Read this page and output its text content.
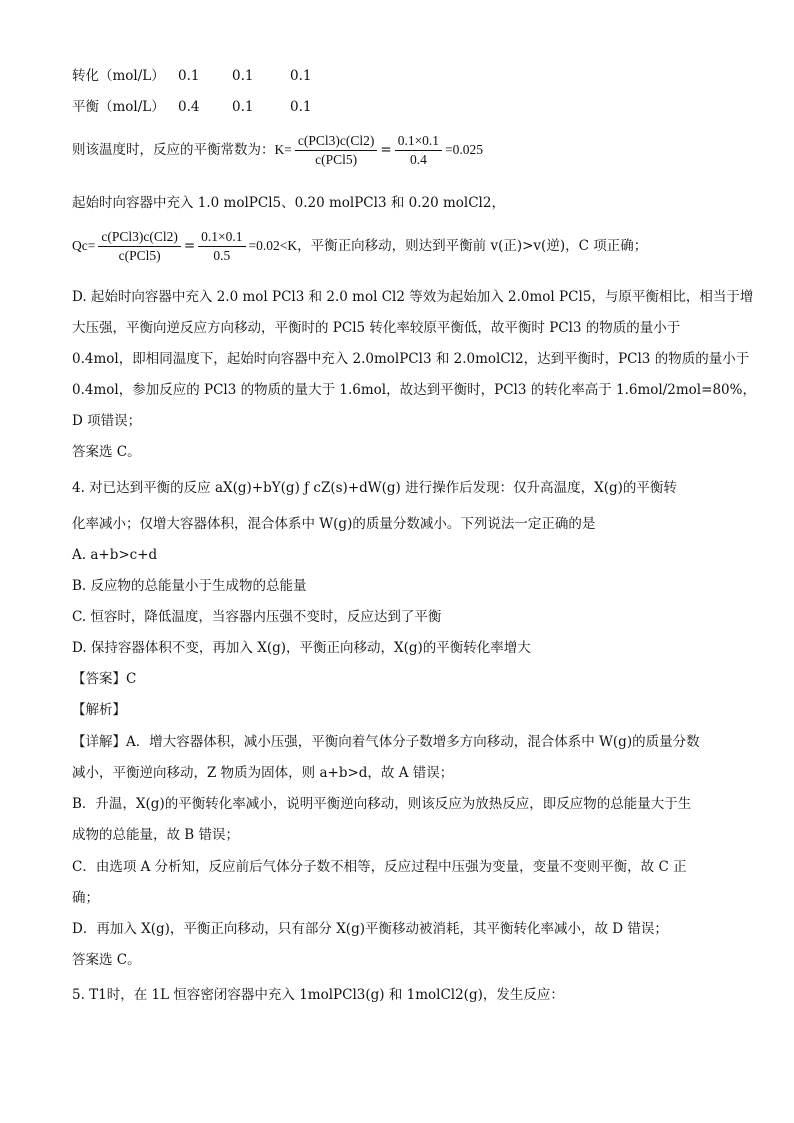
转化（mol/L） 0.1 0.1	0.1
平衡（mol/L） 0.4 0.1	0.1
则该温度时，反应的平衡常数为：$K= \frac{\text{c(PCl3)c(Cl2)}}{\text{c(PCl5)}} = \frac{0.1\times 0.1}{0.4} =0.025$
起始时向容器中充入 1.0 molPCl5、0.20 molPCl3 和 0.20 molCl2，
$Qc= \frac{\text{c(PCl3)c(Cl2)}}{\text{c(PCl5)}} = \frac{0.1\times 0.1}{0.5} =0.02<K$，平衡正向移动，则达到平衡前 v(正)>v(逆)，C 项正确；
D. 起始时向容器中充入 2.0 mol PCl3 和 2.0 mol Cl2 等效为起始加入 2.0mol PCl5，与原平衡相比，相当于增
大压强，平衡向逆反应方向移动，平衡时的 PCl5 转化率较原平衡低，故平衡时 PCl3 的物质的量小于
0.4mol，即相同温度下，起始时向容器中充入 2.0molPCl3 和 2.0molCl2，达到平衡时，PCl3 的物质的量小于
0.4mol，参加反应的 PCl3 的物质的量大于 1.6mol，故达到平衡时，PCl3 的转化率高于 1.6mol/2mol=80%，
D 项错误；
答案选 C。
4. 对已达到平衡的反应 aX(g)+bY(g) ƒ cZ(s)+dW(g) 进行操作后发现：仅升高温度，X(g)的平衡转
化率减小；仅增大容器体积，混合体系中 W(g)的质量分数减小。下列说法一定正确的是
A. a+b>c+d
B. 反应物的总能量小于生成物的总能量
C. 恒容时，降低温度，当容器内压强不变时，反应达到了平衡
D. 保持容器体积不变，再加入 X(g)，平衡正向移动，X(g)的平衡转化率增大
【答案】C
【解析】
【详解】A．增大容器体积，减小压强，平衡向着气体分子数增多方向移动，混合体系中 W(g)的质量分数
减小，平衡逆向移动，Z 物质为固体，则 a+b>d，故 A 错误；
B．升温，X(g)的平衡转化率减小，说明平衡逆向移动，则该反应为放热反应，即反应物的总能量大于生
成物的总能量，故 B 错误；
C．由选项 A 分析知，反应前后气体分子数不相等，反应过程中压强为变量，变量不变则平衡，故 C 正
确；
D．再加入 X(g)，平衡正向移动，只有部分 X(g)平衡移动被消耗，其平衡转化率减小，故 D 错误；
答案选 C。
5. T1时，在 1L 恒容密闭容器中充入 1molPCl3(g) 和 1molCl2(g)，发生反应：
